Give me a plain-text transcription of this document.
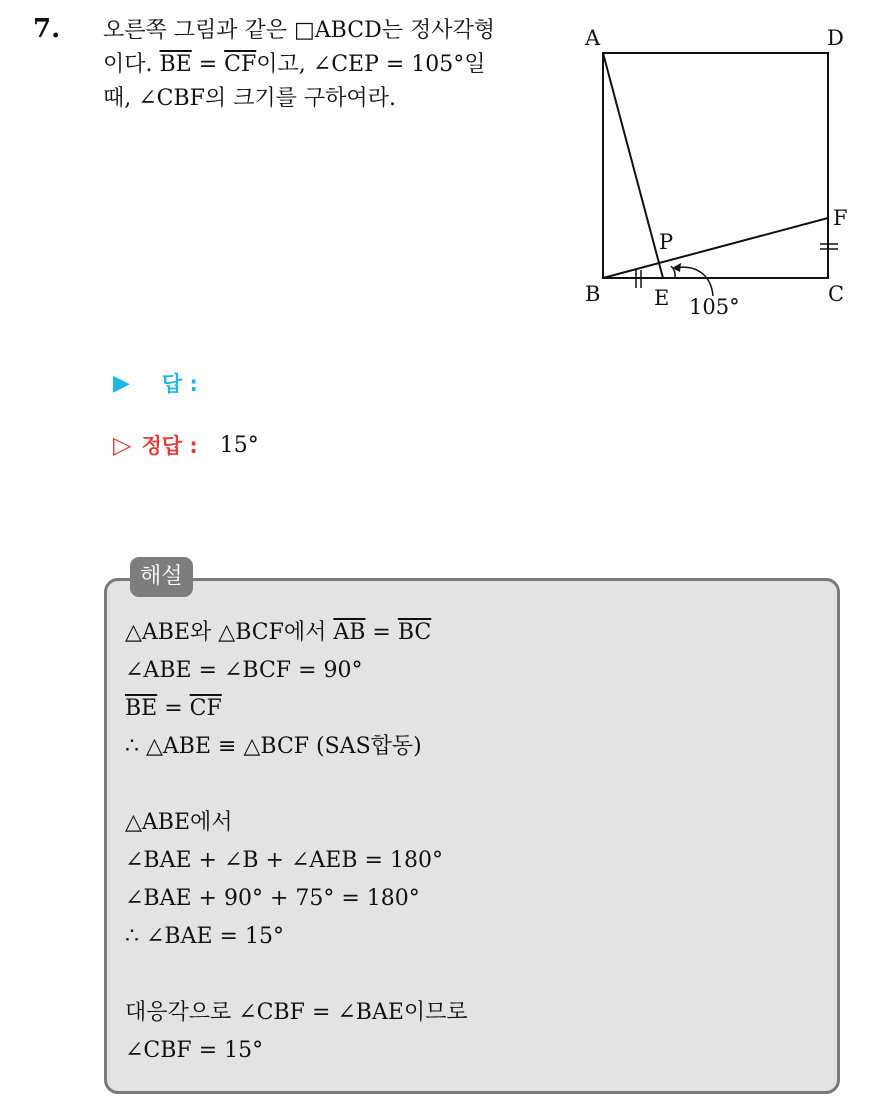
7. 오른쪽 그림과 같은 □ABCD는 정사각형
이다. $\overline{BE} = \overline{CF}$이고, ∠CEP = 105°일
때, ∠CBF의 크기를 구하여라.
A	D
B	C
E
F
P
105°
▶ 답 :
▷ 정답 : 15°
해설
△ABE와 △BCF에서 $\overline{AB} = \overline{BC}$
∠ABE = ∠BCF = 90°
$\overline{BE} = \overline{CF}$
∴ △ABE ≡ △BCF (SAS합동)
△ABE에서
∠BAE + ∠B + ∠AEB = 180°
∠BAE + 90° + 75° = 180°
∴ ∠BAE = 15°
대응각으로 ∠CBF = ∠BAE이므로
∠CBF = 15°
